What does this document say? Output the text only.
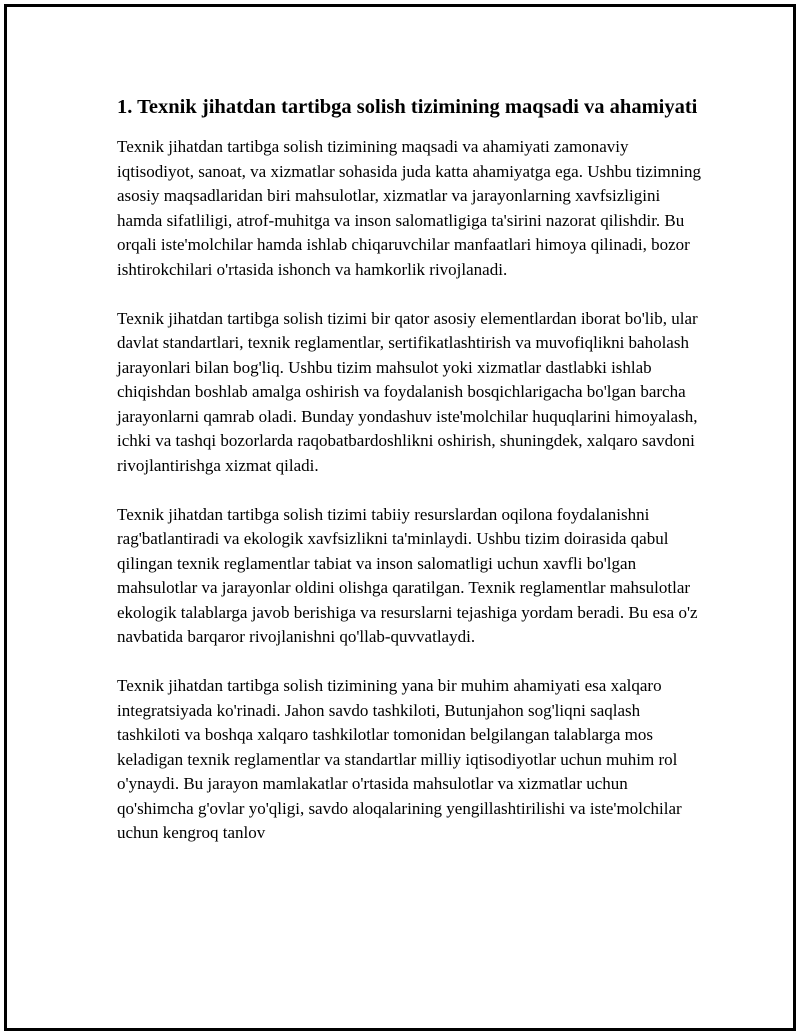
1. Texnik jihatdan tartibga solish tizimining maqsadi va ahamiyati

Texnik jihatdan tartibga solish tizimining maqsadi va ahamiyati zamonaviy iqtisodiyot, sanoat, va xizmatlar sohasida juda katta ahamiyatga ega. Ushbu tizimning asosiy maqsadlaridan biri mahsulotlar, xizmatlar va jarayonlarning xavfsizligini hamda sifatliligi, atrof-muhitga va inson salomatligiga ta'sirini nazorat qilishdir. Bu orqali iste'molchilar hamda ishlab chiqaruvchilar manfaatlari himoya qilinadi, bozor ishtirokchilari o'rtasida ishonch va hamkorlik rivojlanadi.

Texnik jihatdan tartibga solish tizimi bir qator asosiy elementlardan iborat bo'lib, ular davlat standartlari, texnik reglamentlar, sertifikatlashtirish va muvofiqlikni baholash jarayonlari bilan bog'liq. Ushbu tizim mahsulot yoki xizmatlar dastlabki ishlab chiqishdan boshlab amalga oshirish va foydalanish bosqichlarigacha bo'lgan barcha jarayonlarni qamrab oladi. Bunday yondashuv iste'molchilar huquqlarini himoyalash, ichki va tashqi bozorlarda raqobatbardoshlikni oshirish, shuningdek, xalqaro savdoni rivojlantirishga xizmat qiladi.

Texnik jihatdan tartibga solish tizimi tabiiy resurslardan oqilona foydalanishni rag'batlantiradi va ekologik xavfsizlikni ta'minlaydi. Ushbu tizim doirasida qabul qilingan texnik reglamentlar tabiat va inson salomatligi uchun xavfli bo'lgan mahsulotlar va jarayonlar oldini olishga qaratilgan. Texnik reglamentlar mahsulotlar ekologik talablarga javob berishiga va resurslarni tejashiga yordam beradi. Bu esa o'z navbatida barqaror rivojlanishni qo'llab-quvvatlaydi.

Texnik jihatdan tartibga solish tizimining yana bir muhim ahamiyati esa xalqaro integratsiyada ko'rinadi. Jahon savdo tashkiloti, Butunjahon sog'liqni saqlash tashkiloti va boshqa xalqaro tashkilotlar tomonidan belgilangan talablarga mos keladigan texnik reglamentlar va standartlar milliy iqtisodiyotlar uchun muhim rol o'ynaydi. Bu jarayon mamlakatlar o'rtasida mahsulotlar va xizmatlar uchun qo'shimcha g'ovlar yo'qligi, savdo aloqalarining yengillashtirilishi va iste'molchilar uchun kengroq tanlov
